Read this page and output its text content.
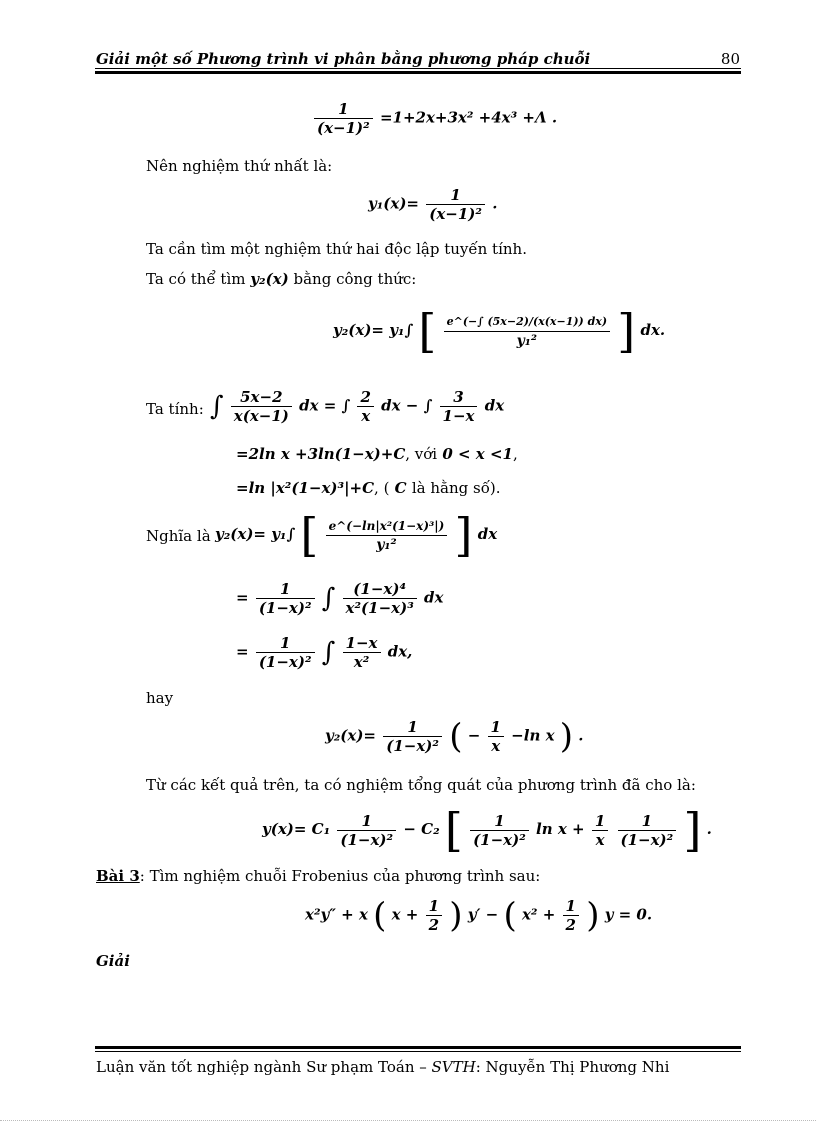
Giải một số Phương trình vi phân bằng phương pháp chuỗi	80
$\frac{1}{\text{(x−1)²}} =1+2x+3x^2 +4x^3 +\Lambda$ .
Nên nghiệm thứ nhất là:
$y_1(x)= \frac{1}{\text{(x−1)²}}$ .
Ta cần tìm một nghiệm thứ hai độc lập tuyến tính.
Ta có thể tìm y₂(x) bằng công thức:
y₂(x)= y₁∫ [ $\frac{e\^{}(-\int (5x-2)/(x(x-1)) dx)}{\text{y₁²}}$ ] dx.
Ta tính: ∫ $\frac{5x-2}{x(x-1)}$ dx = ∫ $\frac{2}{x}$ dx − ∫ $\frac{3}{1-x}$ dx
=2ln x +3ln(1−x)+C, với 0 < x <1,
=ln |x²(1−x)³|+C, ( C là hằng số).
Nghĩa là y₂(x)= y₁∫ [ $\frac{\text{e\textasciicircum{}(−ln|x²(1−x)³|)}}{\text{y₁²}}$ ] dx
= $\frac{1}{\text{(1−x)²}}$ ∫ $\frac{\text{(1−x)⁴}}{\text{x²(1−x)³}}$ dx
= $\frac{1}{\text{(1−x)²}}$ ∫ $\frac{1-x}{\text{x²}}$ dx,
hay
$y_2(x)= \frac{1}{\text{(1−x)²}}$ ( − $\frac{1}{x} -\ln$ x ) .
Từ các kết quả trên, ta có nghiệm tổng quát của phương trình đã cho là:
$y(x)= C_1 \frac{1}{\text{(1−x)²}} - C_2$ [ $\frac{1}{\text{(1−x)²}}$ $\ln x + \frac{1}{x}$
$\frac{1}{\text{(1−x)²}}$ ] .
Bài 3: Tìm nghiệm chuỗi Frobenius của phương trình sau:
x²y″ + x ( $x + \frac{1}{2}$ ) y′ − ( $x^2 + \frac{1}{2}$ ) y = 0.
Giải
Luận văn tốt nghiệp ngành Sư phạm Toán – SVTH: Nguyễn Thị Phương Nhi
